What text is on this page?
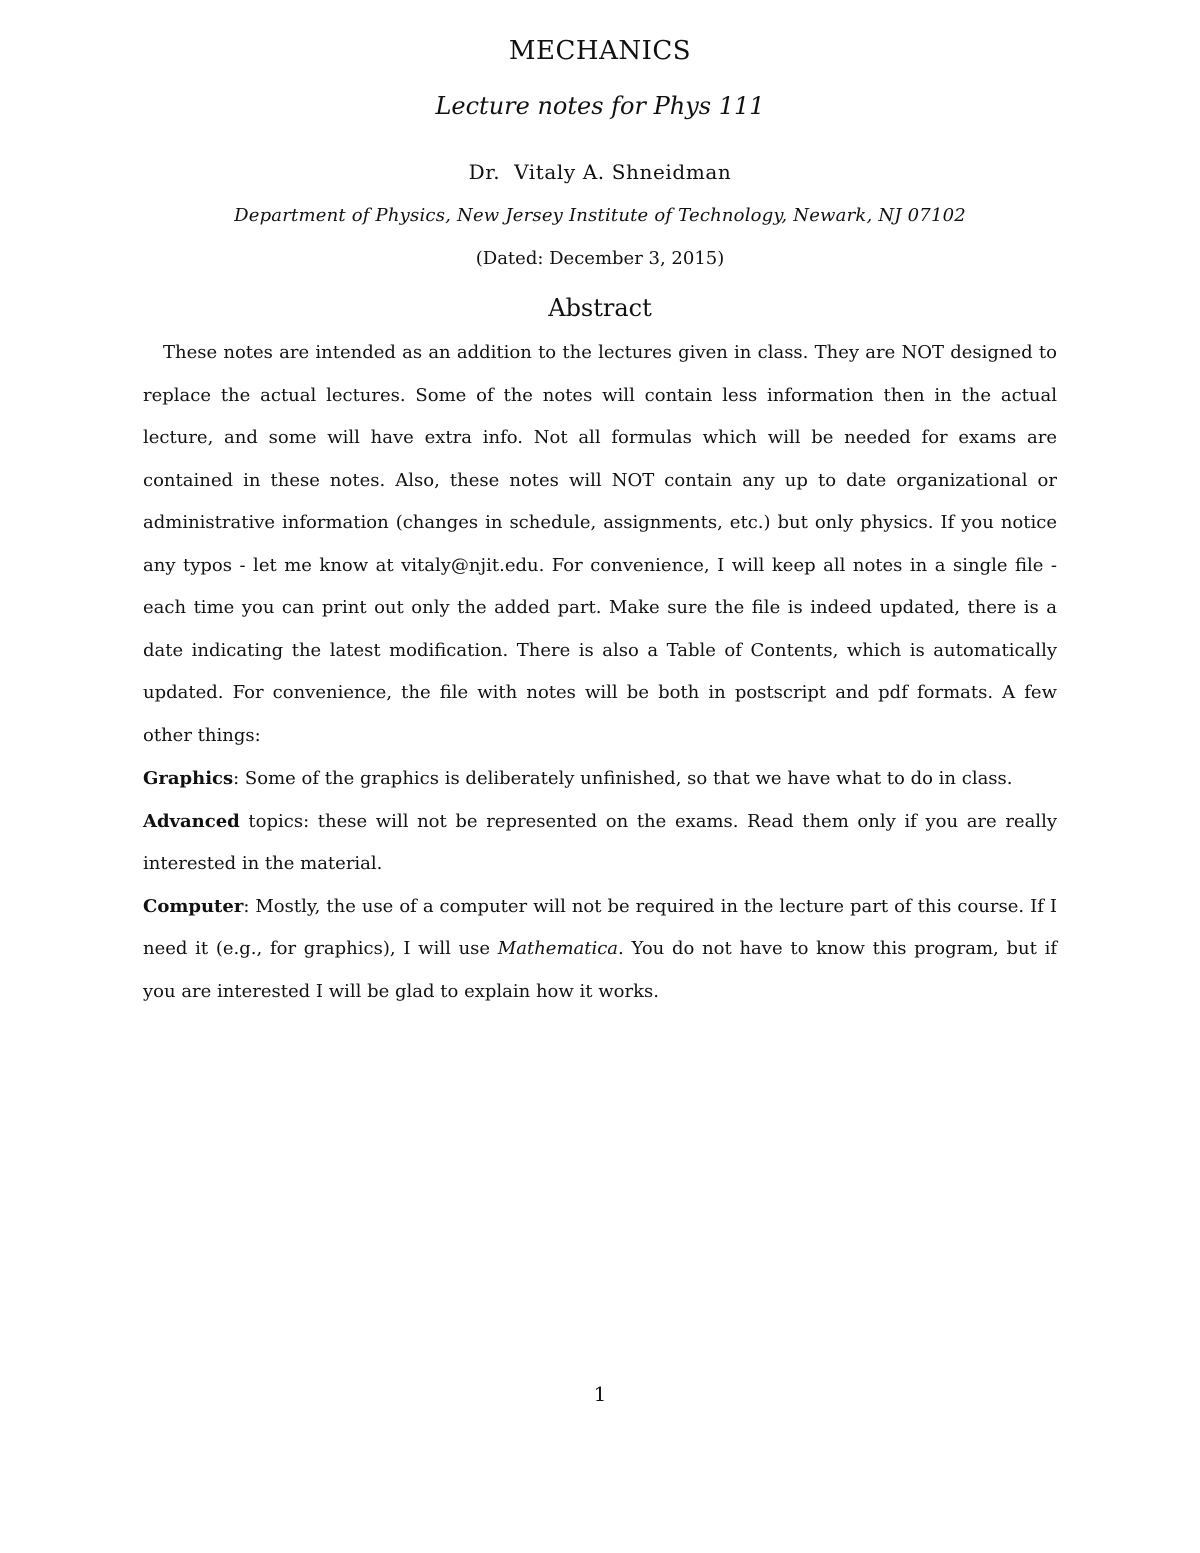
MECHANICS
Lecture notes for Phys 111
Dr.  Vitaly A. Shneidman
Department of Physics, New Jersey Institute of Technology, Newark, NJ 07102
(Dated: December 3, 2015)
Abstract

These notes are intended as an addition to the lectures given in class. They are NOT designed to replace the actual lectures. Some of the notes will contain less information then in the actual lecture, and some will have extra info. Not all formulas which will be needed for exams are contained in these notes. Also, these notes will NOT contain any up to date organizational or administrative information (changes in schedule, assignments, etc.) but only physics. If you notice any typos - let me know at vitaly@njit.edu. For convenience, I will keep all notes in a single file - each time you can print out only the added part. Make sure the file is indeed updated, there is a date indicating the latest modification. There is also a Table of Contents, which is automatically updated. For convenience, the file with notes will be both in postscript and pdf formats. A few other things:

Graphics: Some of the graphics is deliberately unfinished, so that we have what to do in class.

Advanced topics: these will not be represented on the exams. Read them only if you are really interested in the material.

Computer: Mostly, the use of a computer will not be required in the lecture part of this course. If I need it (e.g., for graphics), I will use Mathematica. You do not have to know this program, but if you are interested I will be glad to explain how it works.

1
